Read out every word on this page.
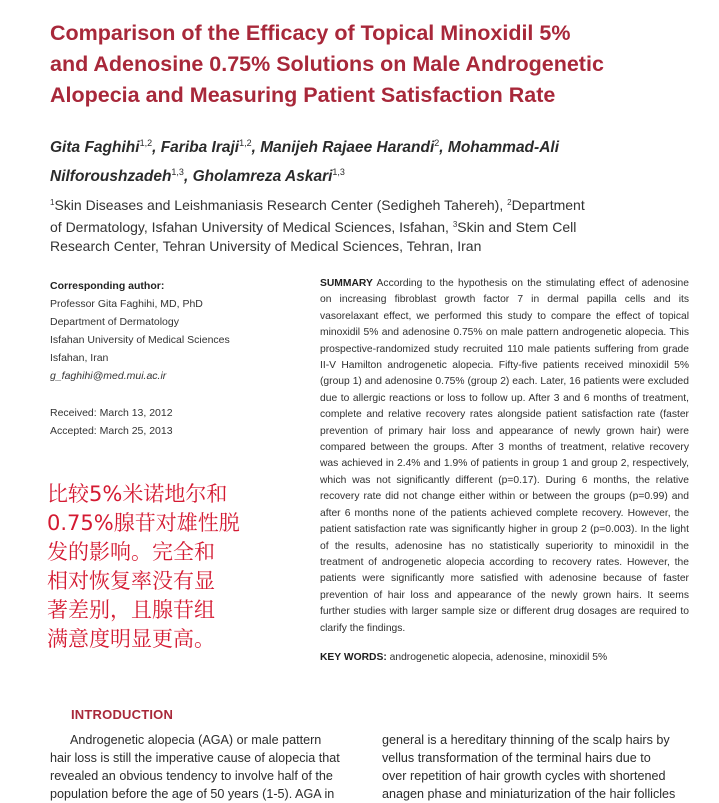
Comparison of the Efficacy of Topical Minoxidil 5%
and Adenosine 0.75% Solutions on Male Androgenetic
Alopecia and Measuring Patient Satisfaction Rate
Gita Faghihi$^{1,2}$, Fariba Iraji$^{1,2}$, Manijeh Rajaee Harandi$^2$, Mohammad-Ali
Nilforoushzadeh$^{1,3}$, Gholamreza Askari$^{1,3}$
$^1$Skin Diseases and Leishmaniasis Research Center (Sedigheh Tahereh), $^2$Department
of Dermatology, Isfahan University of Medical Sciences, Isfahan, $^3$Skin and Stem Cell
Research Center, Tehran University of Medical Sciences, Tehran, Iran
Corresponding author:
Professor Gita Faghihi, MD, PhD
Department of Dermatology
Isfahan University of Medical Sciences
Isfahan, Iran
g_faghihi@med.mui.ac.ir
Received: March 13, 2012
Accepted: March 25, 2013
比较5%米诺地尔和
0.75%腺苷对雄性脱
发的影响。完全和
相对恢复率没有显
著差别，且腺苷组
满意度明显更高。
SUMMARY According to the hypothesis on the stimulating effect of adenosine on increasing fibroblast growth factor 7 in dermal papilla cells and its vasorelaxant effect, we performed this study to compare the effect of topical minoxidil 5% and adenosine 0.75% on male pattern androgenetic alopecia. This prospective-randomized study recruited 110 male patients suffering from grade II-V Hamilton androgenetic alopecia. Fifty-five patients received minoxidil 5% (group 1) and adenosine 0.75% (group 2) each. Later, 16 patients were excluded due to allergic reactions or loss to follow up. After 3 and 6 months of treatment, complete and relative recovery rates alongside patient satisfaction rate (faster prevention of primary hair loss and appearance of newly grown hair) were compared between the groups. After 3 months of treatment, relative recovery was achieved in 2.4% and 1.9% of patients in group 1 and group 2, respectively, which was not significantly different (p=0.17). During 6 months, the relative recovery rate did not change either within or between the groups (p=0.99) and after 6 months none of the patients achieved complete recovery. However, the patient satisfaction rate was significantly higher in group 2 (p=0.003). In the light of the results, adenosine has no statistically superiority to minoxidil in the treatment of androgenetic alopecia according to recovery rates. However, the patients were significantly more satisfied with adenosine because of faster prevention of hair loss and appearance of the newly grown hairs. It seems further studies with larger sample size or different drug dosages are required to clarify the findings.
KEY WORDS: androgenetic alopecia, adenosine, minoxidil 5%
INTRODUCTION
Androgenetic alopecia (AGA) or male pattern
hair loss is still the imperative cause of alopecia that
revealed an obvious tendency to involve half of the
population before the age of 50 years (1-5). AGA in
general is a hereditary thinning of the scalp hairs by
vellus transformation of the terminal hairs due to
over repetition of hair growth cycles with shortened
anagen phase and miniaturization of the hair follicles
